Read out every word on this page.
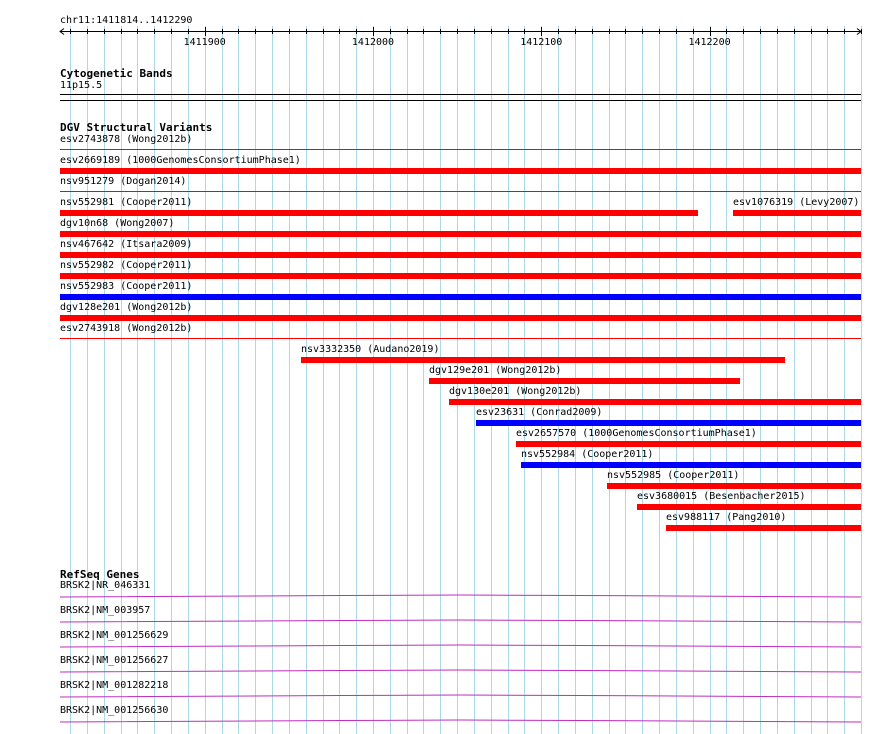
chr11:1411814..1412290
1411900	1412000	1412100	1412200
Cytogenetic Bands
11p15.5
DGV Structural Variants
esv2743878 (Wong2012b)
esv2669189 (1000GenomesConsortiumPhase1)
nsv951279 (Dogan2014)
nsv552981 (Cooper2011)	esv1076319 (Levy2007)
dgv10n68 (Wong2007)
nsv467642 (Itsara2009)
nsv552982 (Cooper2011)
nsv552983 (Cooper2011)
dgv128e201 (Wong2012b)
esv2743918 (Wong2012b)
nsv3332350 (Audano2019)
dgv129e201 (Wong2012b)
dgv130e201 (Wong2012b)
esv23631 (Conrad2009)
esv2657570 (1000GenomesConsortiumPhase1)
nsv552984 (Cooper2011)
nsv552985 (Cooper2011)
esv3680015 (Besenbacher2015)
esv988117 (Pang2010)
RefSeq Genes
BRSK2|NR_046331
BRSK2|NM_003957
BRSK2|NM_001256629
BRSK2|NM_001256627
BRSK2|NM_001282218
BRSK2|NM_001256630
